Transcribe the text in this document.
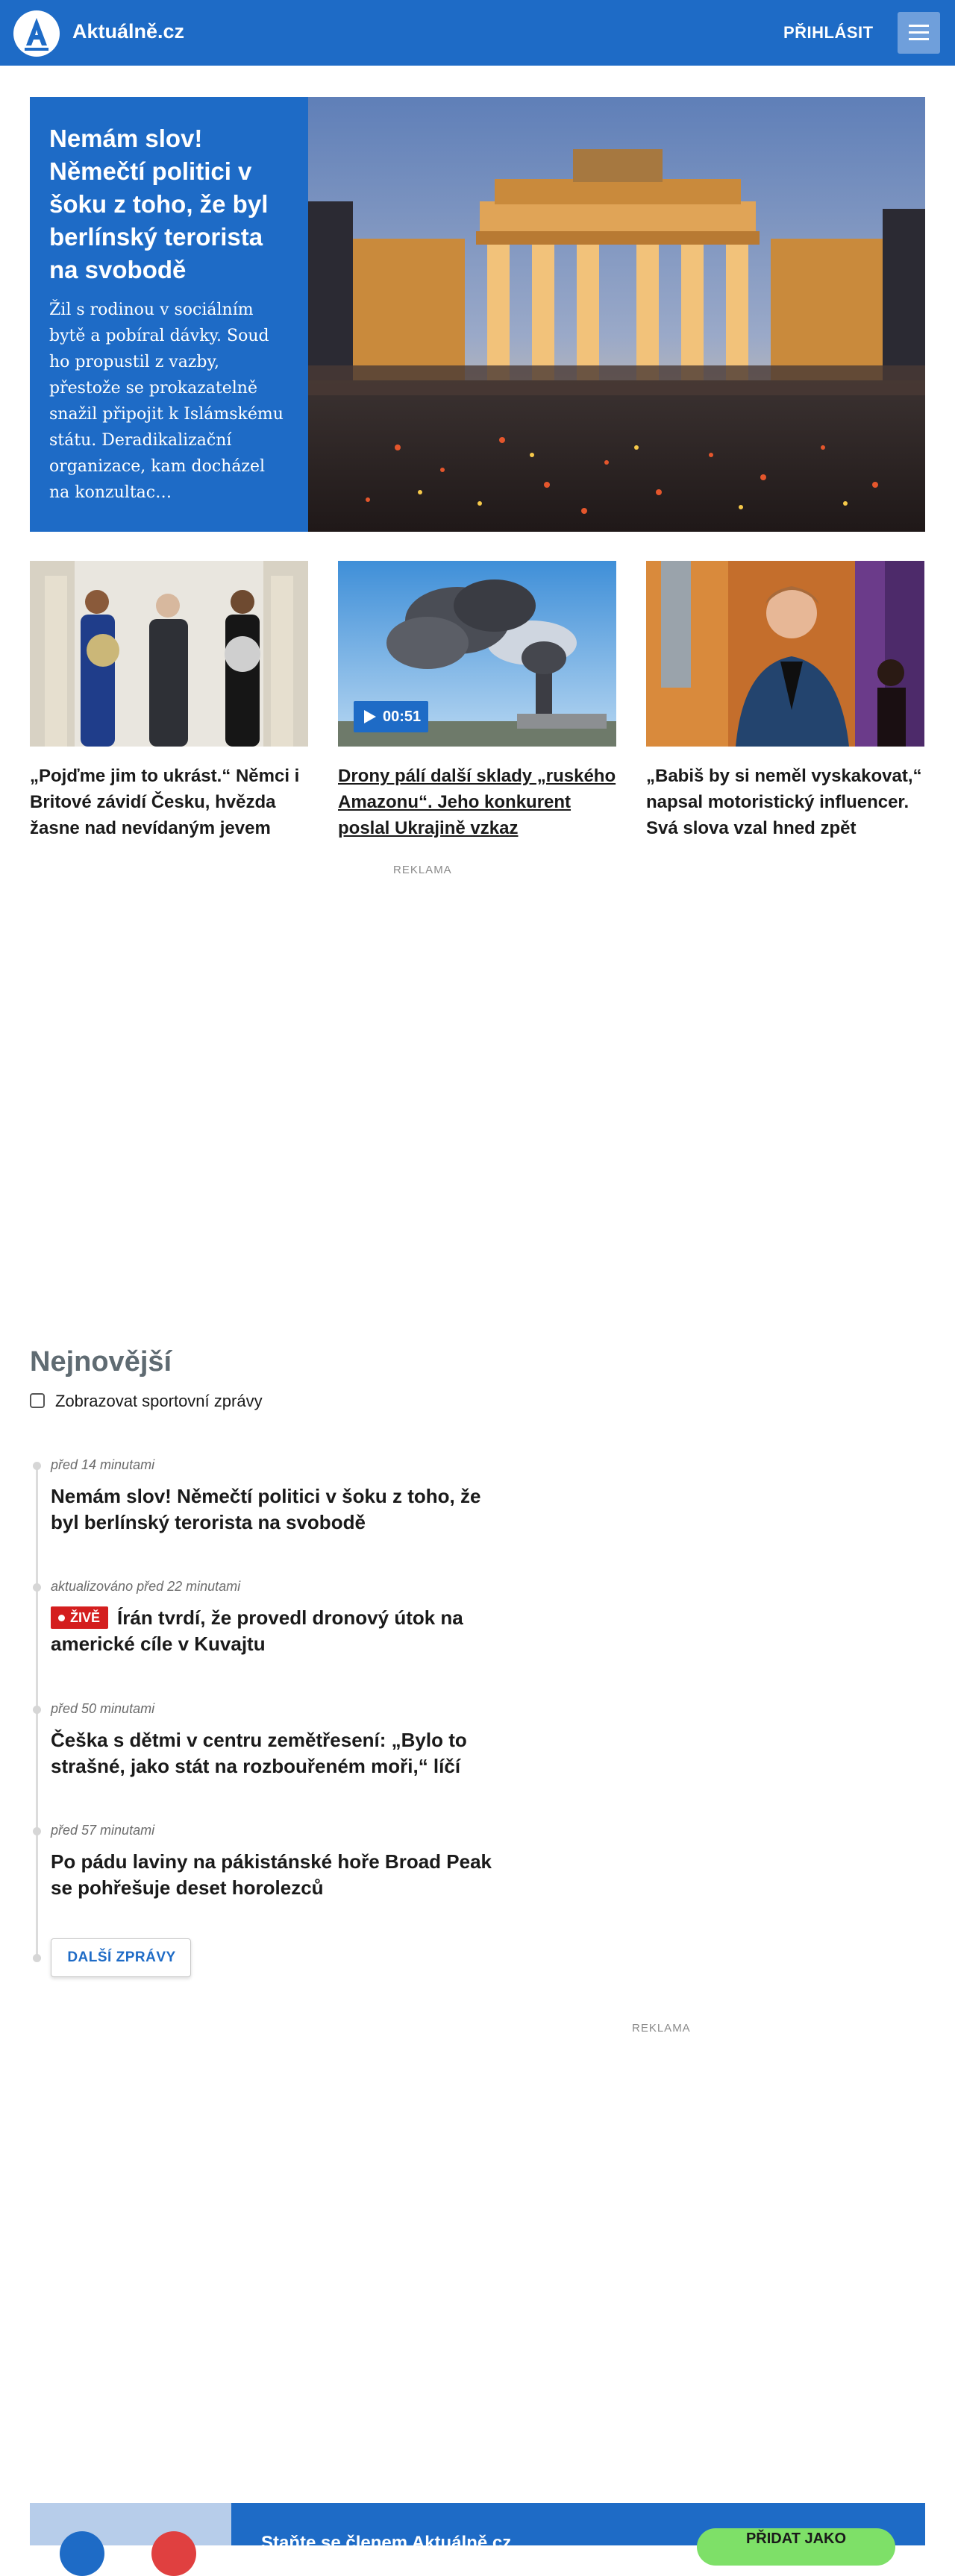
Aktuálně.cz	PŘIHLÁSIT
Nemám slov! Němečtí politici v šoku z toho, že byl berlínský terorista na svobodě
Žil s rodinou v sociálním bytě a pobíral dávky. Soud ho propustil z vazby, přestože se prokazatelně snažil připojit k Islámskému státu. Deradikalizační organizace, kam docházel na konzultac…
„Pojďme jim to ukrást.“ Němci i Britové závidí Česku, hvězda žasne nad nevídaným jevem
00:51
Drony pálí další sklady „ruského Amazonu“. Jeho konkurent poslal Ukrajině vzkaz
„Babiš by si neměl vyskakovat,“ napsal motoristický influencer. Svá slova vzal hned zpět
REKLAMA
Nejnovější
Zobrazovat sportovní zprávy
před 14 minutami
Nemám slov! Němečtí politici v šoku z toho, že byl berlínský terorista na svobodě
aktualizováno před 22 minutami
ŽIVĚ Írán tvrdí, že provedl dronový útok na americké cíle v Kuvajtu
před 50 minutami
Češka s dětmi v centru zemětřesení: „Bylo to strašné, jako stát na rozbouřeném moři,“ líčí
před 57 minutami
Po pádu laviny na pákistánské hoře Broad Peak se pohřešuje deset horolezců
DALŠÍ ZPRÁVY
REKLAMA
Staňte se členem Aktuálně.cz	PŘIDAT JAKO
